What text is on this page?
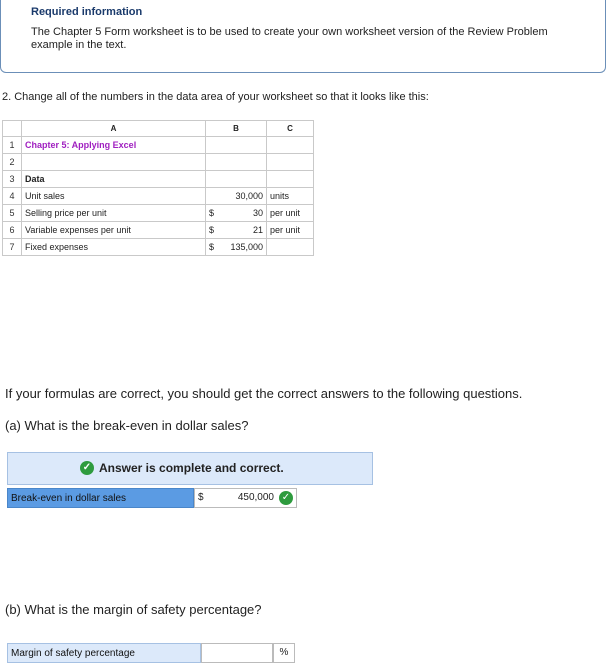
Required information
The Chapter 5 Form worksheet is to be used to create your own worksheet version of the Review Problem example in the text.
2. Change all of the numbers in the data area of your worksheet so that it looks like this:
	A	B	C
1	Chapter 5: Applying Excel		
2			
3	Data		
4	Unit sales	30,000	units
5	Selling price per unit	$ 30	per unit
6	Variable expenses per unit	$ 21	per unit
7	Fixed expenses	$ 135,000	

If your formulas are correct, you should get the correct answers to the following questions.
(a) What is the break-even in dollar sales?
✓ Answer is complete and correct.
Break-even in dollar sales	$	450,000 ✓
(b) What is the margin of safety percentage?
Margin of safety percentage	%
